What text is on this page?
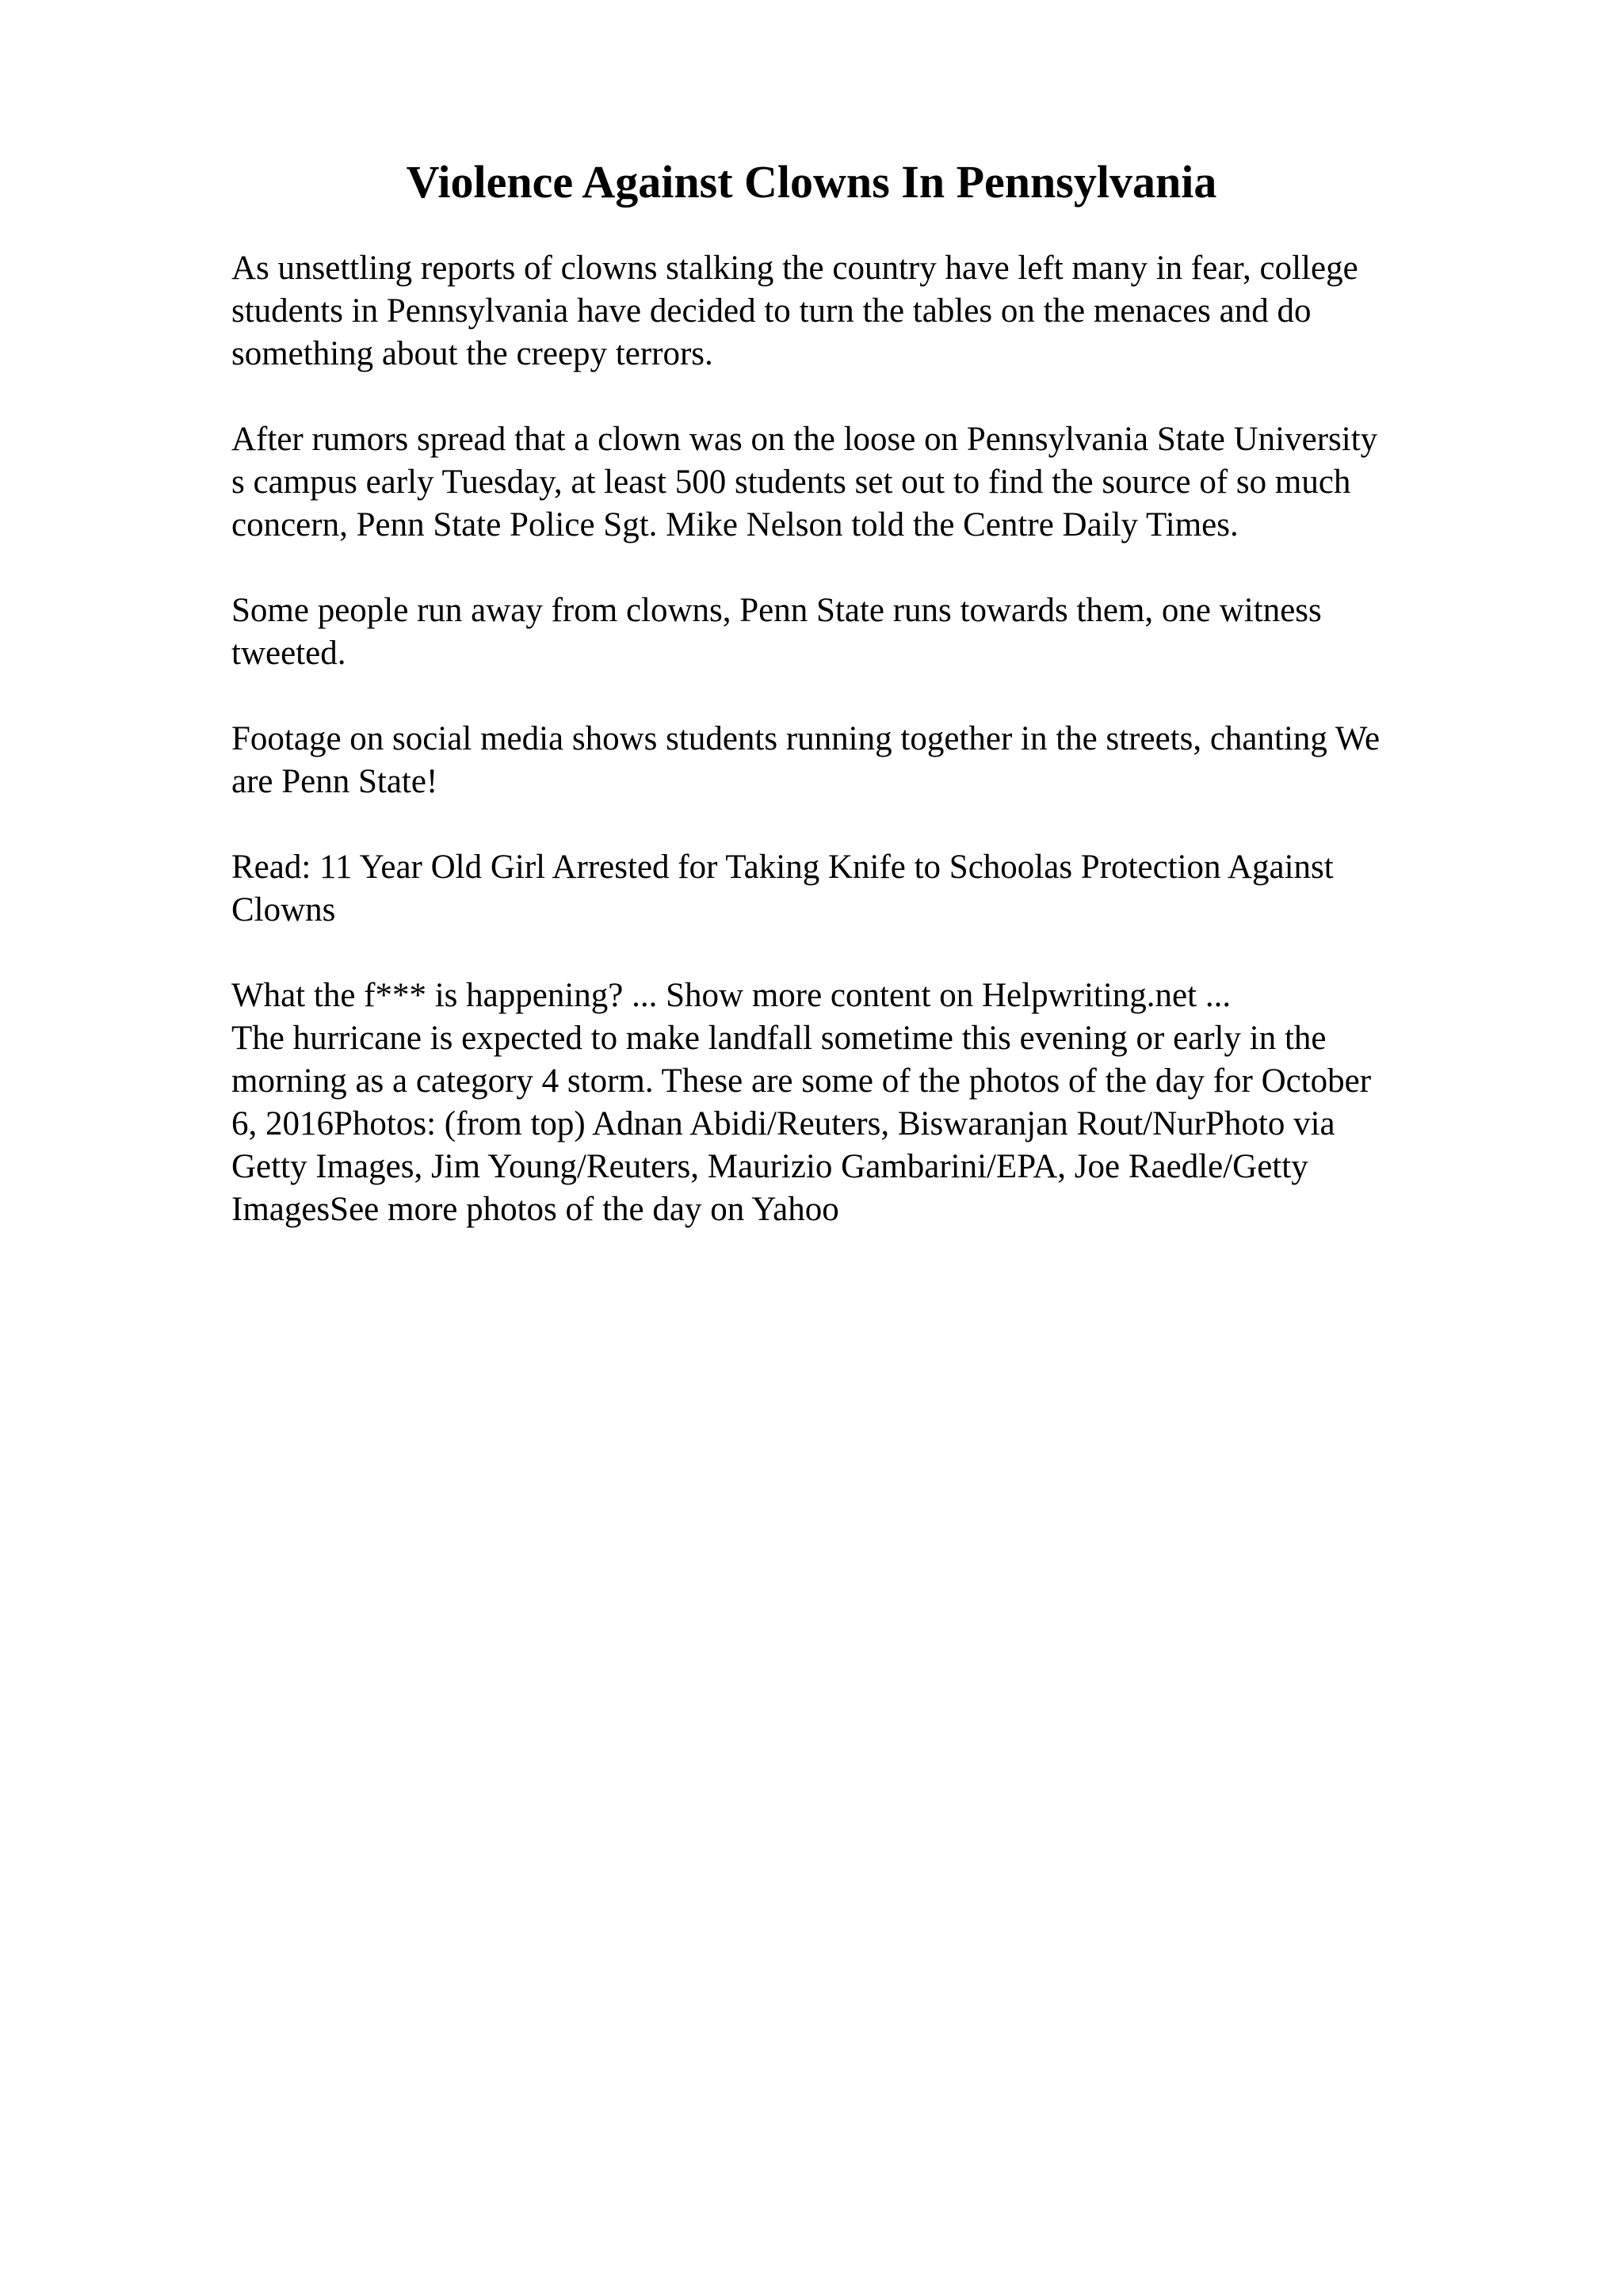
Violence Against Clowns In Pennsylvania

As unsettling reports of clowns stalking the country have left many in fear, college
students in Pennsylvania have decided to turn the tables on the menaces and do
something about the creepy terrors.

After rumors spread that a clown was on the loose on Pennsylvania State University
s campus early Tuesday, at least 500 students set out to find the source of so much
concern, Penn State Police Sgt. Mike Nelson told the Centre Daily Times.

Some people run away from clowns, Penn State runs towards them, one witness
tweeted.

Footage on social media shows students running together in the streets, chanting We
are Penn State!

Read: 11 Year Old Girl Arrested for Taking Knife to Schoolas Protection Against
Clowns

What the f*** is happening? ... Show more content on Helpwriting.net ...
The hurricane is expected to make landfall sometime this evening or early in the
morning as a category 4 storm. These are some of the photos of the day for October
6, 2016Photos: (from top) Adnan Abidi/Reuters, Biswaranjan Rout/NurPhoto via
Getty Images, Jim Young/Reuters, Maurizio Gambarini/EPA, Joe Raedle/Getty
ImagesSee more photos of the day on Yahoo
